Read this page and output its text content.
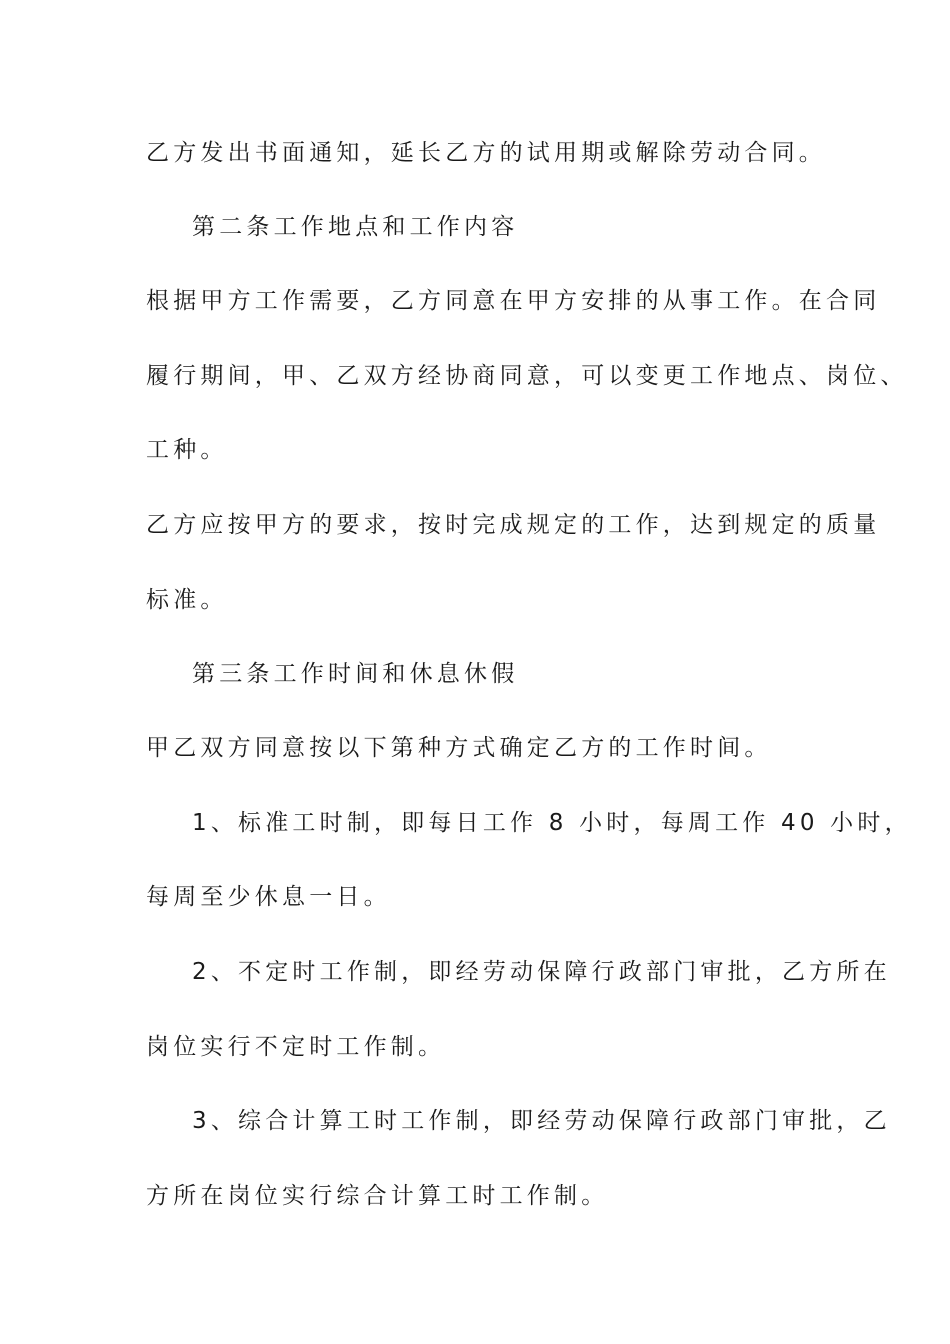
乙方发出书面通知，延长乙方的试用期或解除劳动合同。
第二条工作地点和工作内容
根据甲方工作需要，乙方同意在甲方安排的从事工作。在合同
履行期间，甲、乙双方经协商同意，可以变更工作地点、岗位、
工种。
乙方应按甲方的要求，按时完成规定的工作，达到规定的质量
标准。
第三条工作时间和休息休假
甲乙双方同意按以下第种方式确定乙方的工作时间。
1、标准工时制，即每日工作 8 小时，每周工作 40 小时，
每周至少休息一日。
2、不定时工作制，即经劳动保障行政部门审批，乙方所在
岗位实行不定时工作制。
3、综合计算工时工作制，即经劳动保障行政部门审批，乙
方所在岗位实行综合计算工时工作制。
